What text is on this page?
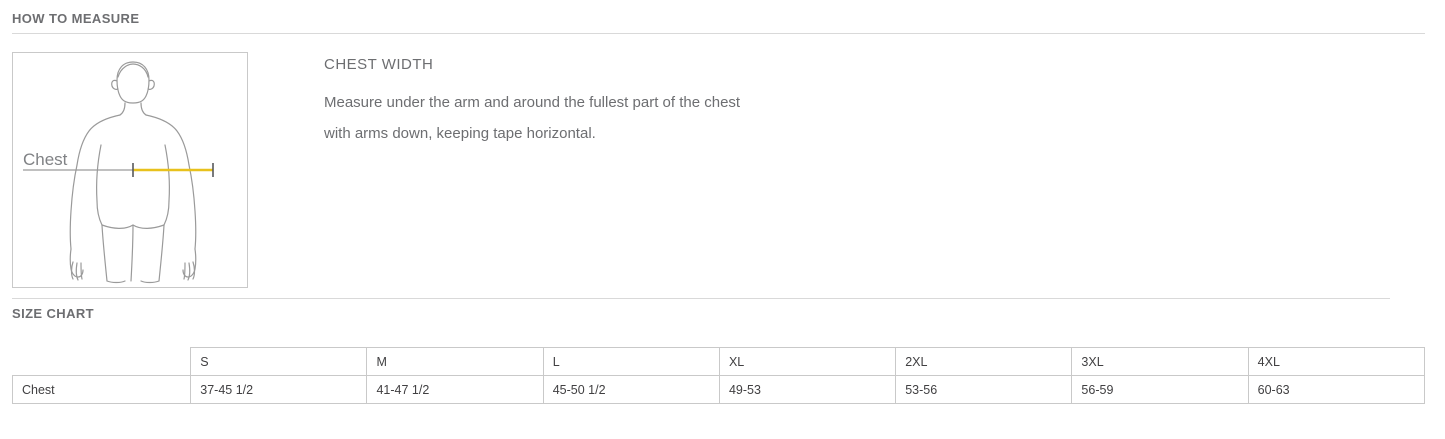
HOW TO MEASURE
Chest

CHEST WIDTH

Measure under the arm and around the fullest part of the chest

with arms down, keeping tape horizontal.

SIZE CHART
	S	M	L	XL	2XL	3XL	4XL
Chest	37-45 1/2	41-47 1/2	45-50 1/2	49-53	53-56	56-59	60-63
